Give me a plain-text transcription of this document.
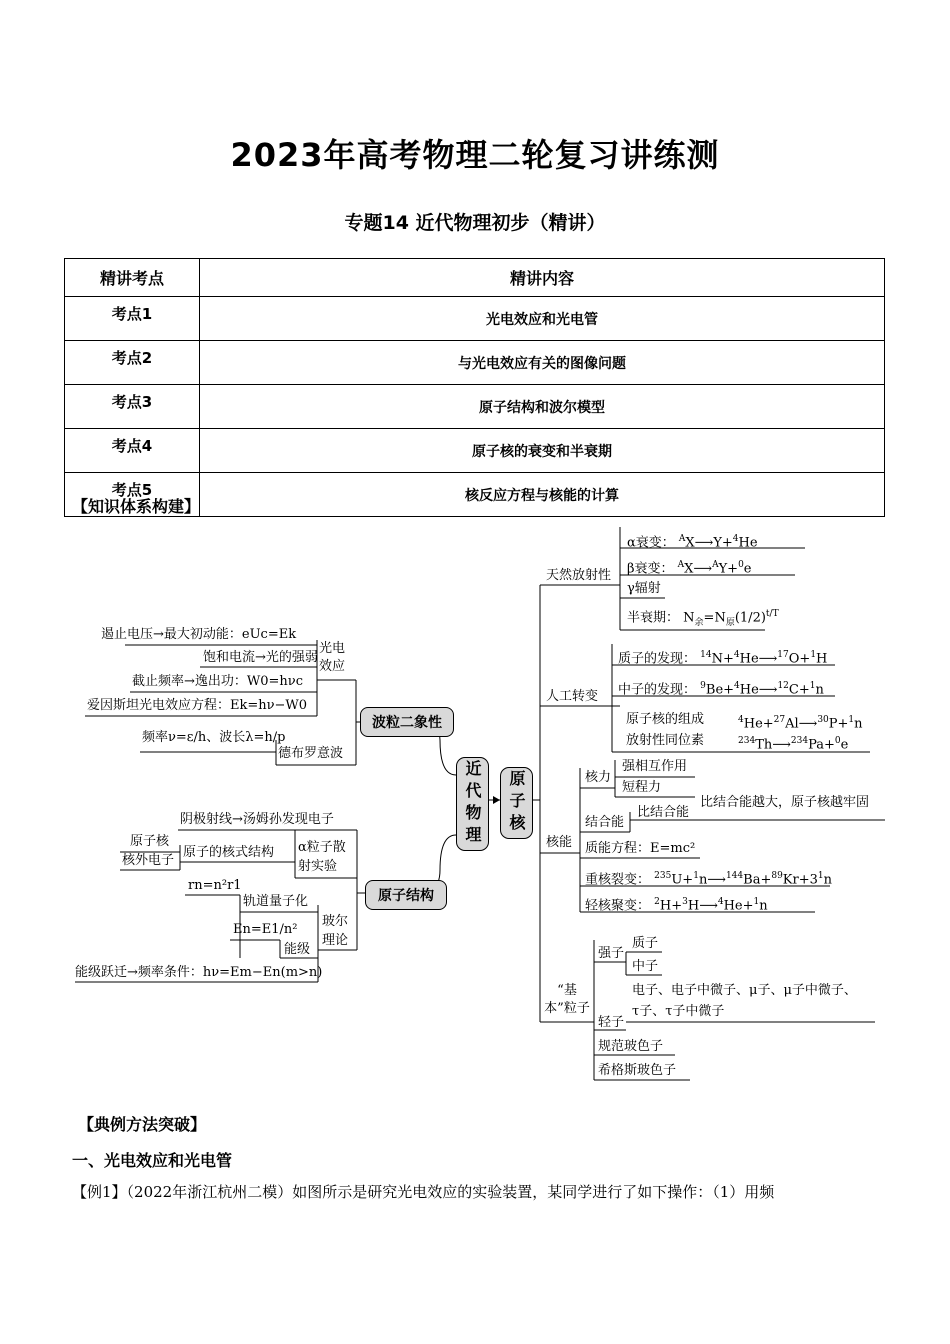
2023年高考物理二轮复习讲练测
专题14 近代物理初步（精讲）
精讲考点	精讲内容
考点1	光电效应和光电管
考点2	与光电效应有关的图像问题
考点3	原子结构和波尔模型
考点4	原子核的衰变和半衰期
考点5	核反应方程与核能的计算
【知识体系构建】
近代物理	原子核
波粒二象性
原子结构
光电效应
遏止电压→最大初动能：eUc=Ek
饱和电流→光的强弱
截止频率→逸出功：W0=hνc
爱因斯坦光电效应方程：Ek=hν−W0
频率ν=ε/h、波长λ=h/p
德布罗意波
阴极射线→汤姆孙发现电子
α粒子散射实验
原子的核式结构
原子核
核外电子
玻尔理论
rn=n²r1
轨道量子化
En=E1/n²
能级
能级跃迁→频率条件：hν=Em−En(m>n)
天然放射性
α衰变： $^A$X⟶Y+$^4$He
β衰变： $^A$X⟶$^A$Y+$^0$e
γ辐射
半衰期： $N_余=N_原(1/2)^{t/T}$
人工转变
质子的发现： $^{14}$N+$^4$He⟶$^{17}$O+$^1$H
中子的发现： $^9$Be+$^4$He⟶$^{12}$C+$^1$n
原子核的组成
放射性同位素
$^4$He+$^{27}$Al⟶$^{30}$P+$^1$n
$^{234}$Th⟶$^{234}$Pa+$^0$e
核能
核力
强相互作用
短程力
结合能
比结合能
比结合能越大，原子核越牢固
质能方程：E=mc²
重核裂变： $^{235}U+^1n⟶^{144}Ba+^{89}Kr+3^1n$
轻核聚变： $^2$H+$^3$H⟶$^4$He+$^1$n
“基本”粒子
强子
质子
中子
电子、电子中微子、μ子、μ子中微子、
τ子、τ子中微子
轻子
规范玻色子
希格斯玻色子
【典例方法突破】
一、光电效应和光电管
【例1】（2022年浙江杭州二模）如图所示是研究光电效应的实验装置，某同学进行了如下操作：（1）用频
